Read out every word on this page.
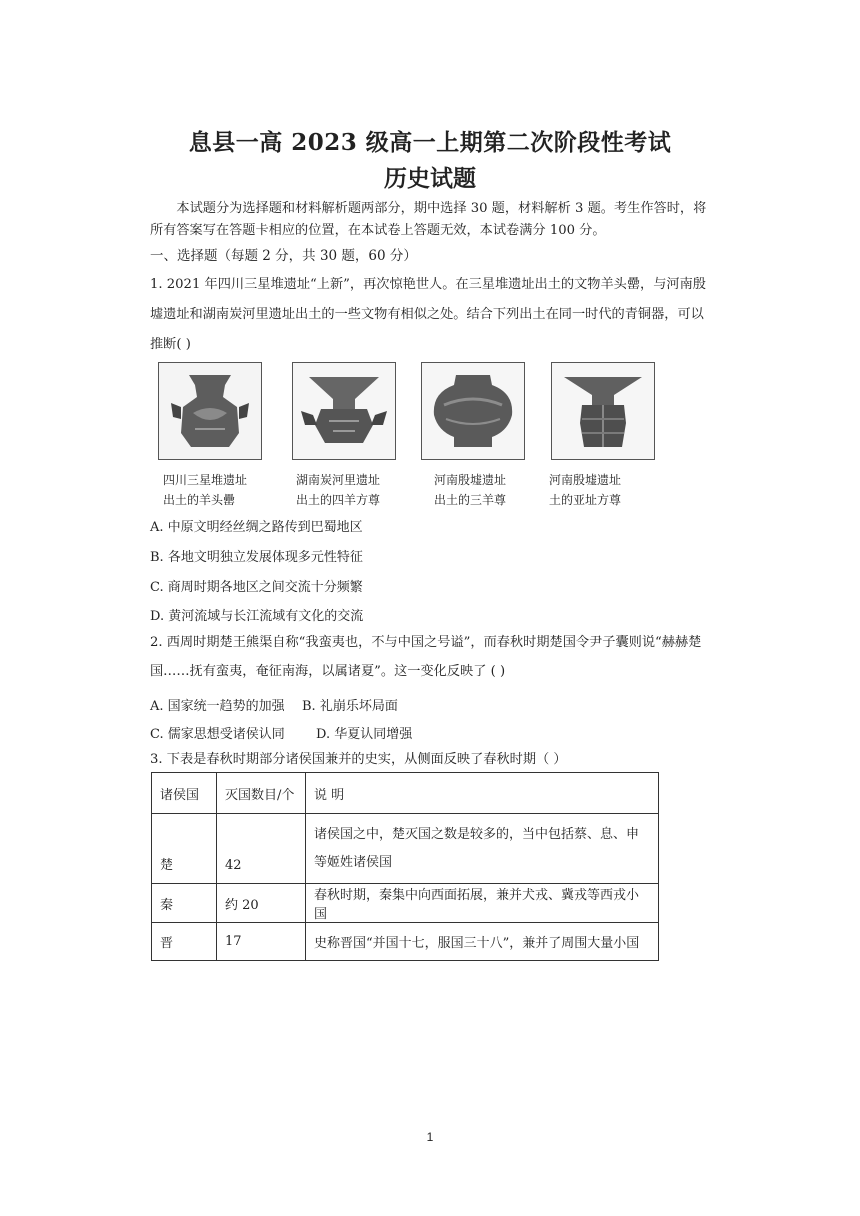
息县一高 2023 级高一上期第二次阶段性考试
历史试题
本试题分为选择题和材料解析题两部分，期中选择 30 题，材料解析 3 题。考生作答时，将所有答案写在答题卡相应的位置，在本试卷上答题无效，本试卷满分 100 分。
一、选择题（每题 2 分，共 30 题，60 分）
1. 2021 年四川三星堆遗址“上新”，再次惊艳世人。在三星堆遗址出土的文物羊头罍，与河南殷墟遗址和湖南炭河里遗址出土的一些文物有相似之处。结合下列出土在同一时代的青铜器，可以推断( )
四川三星堆遗址
出土的羊头罍
湖南炭河里遗址
出土的四羊方尊
河南殷墟遗址
出土的三羊尊
河南殷墟遗址
土的亚址方尊
A. 中原文明经丝绸之路传到巴蜀地区
B. 各地文明独立发展体现多元性特征
C. 商周时期各地区之间交流十分频繁
D. 黄河流域与长江流域有文化的交流
2. 西周时期楚王熊渠自称“我蛮夷也，不与中国之号谥”，而春秋时期楚国令尹子囊则说“赫赫楚国……抚有蛮夷，奄征南海，以属诸夏”。这一变化反映了 ( )
A. 国家统一趋势的加强 B. 礼崩乐坏局面
C. 儒家思想受诸侯认同 D. 华夏认同增强
3. 下表是春秋时期部分诸侯国兼并的史实，从侧面反映了春秋时期（ ）
诸侯国	灭国数目/个	说 明
楚	42	诸侯国之中，楚灭国之数是较多的，当中包括蔡、息、申等姬姓诸侯国
秦	约 20	春秋时期，秦集中向西面拓展，兼并犬戎、冀戎等西戎小国
晋	17	史称晋国“并国十七，服国三十八”，兼并了周围大量小国
1
